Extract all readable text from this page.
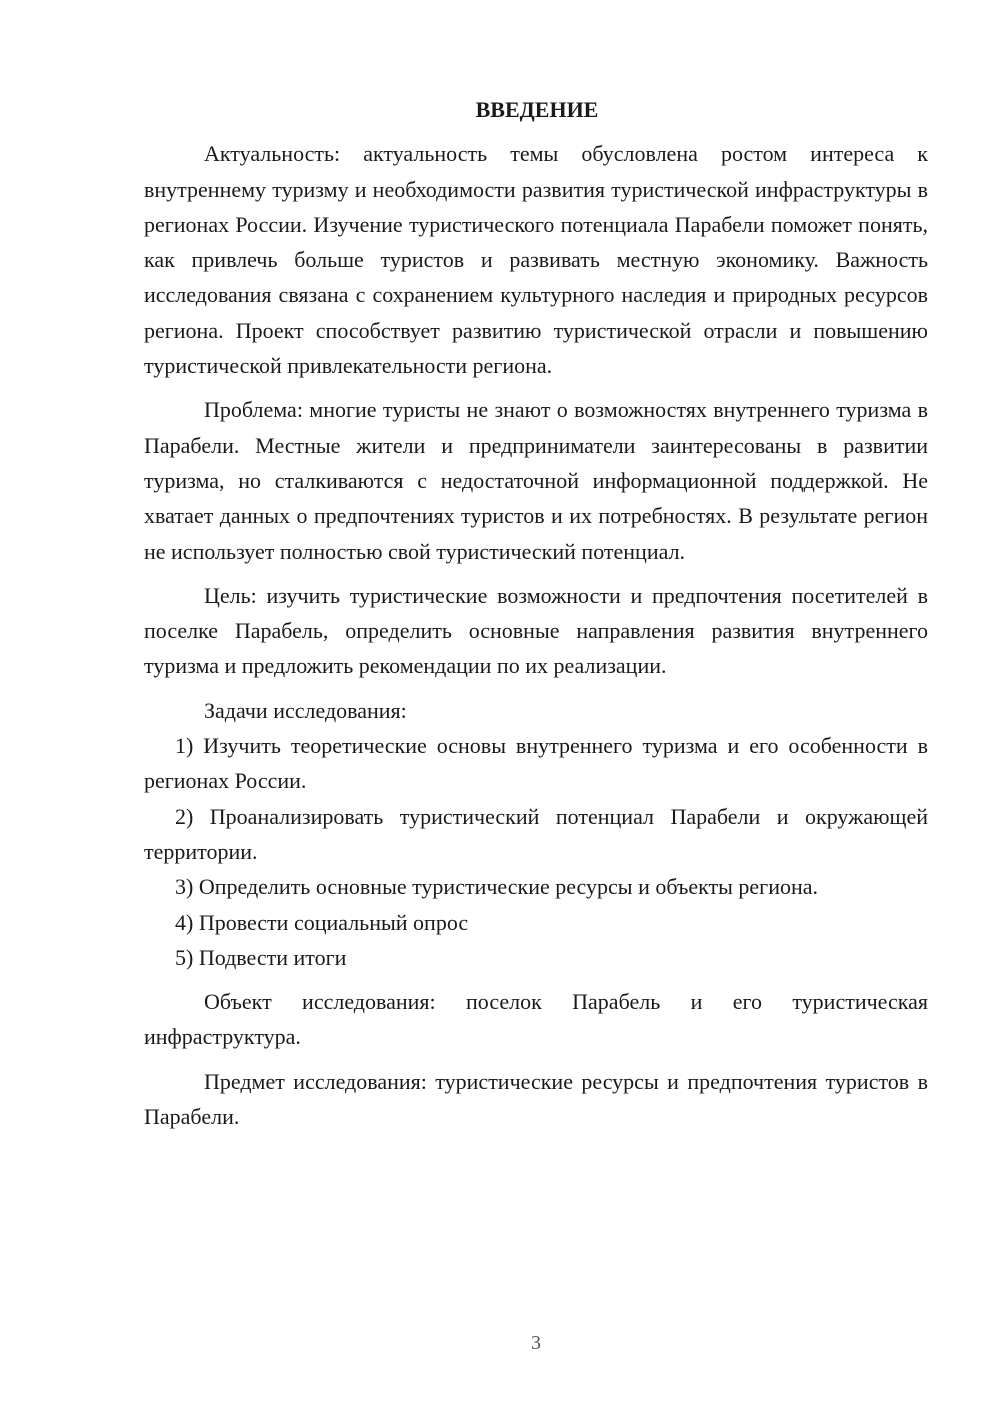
ВВЕДЕНИЕ

Актуальность: актуальность темы обусловлена ростом интереса к внутреннему туризму и необходимости развития туристической инфраструктуры в регионах России. Изучение туристического потенциала Парабели поможет понять, как привлечь больше туристов и развивать местную экономику. Важность исследования связана с сохранением культурного наследия и природных ресурсов региона. Проект способствует развитию туристической отрасли и повышению туристической привлекательности региона.

Проблема: многие туристы не знают о возможностях внутреннего туризма в Парабели. Местные жители и предприниматели заинтересованы в развитии туризма, но сталкиваются с недостаточной информационной поддержкой. Не хватает данных о предпочтениях туристов и их потребностях. В результате регион не использует полностью свой туристический потенциал.

Цель: изучить туристические возможности и предпочтения посетителей в поселке Парабель, определить основные направления развития внутреннего туризма и предложить рекомендации по их реализации.

Задачи исследования:

1) Изучить теоретические основы внутреннего туризма и его особенности в регионах России.

2) Проанализировать туристический потенциал Парабели и окружающей территории.

3) Определить основные туристические ресурсы и объекты региона.

4) Провести социальный опрос

5) Подвести итоги

Объект исследования: поселок Парабель и его туристическая инфраструктура.

Предмет исследования: туристические ресурсы и предпочтения туристов в Парабели.

3
